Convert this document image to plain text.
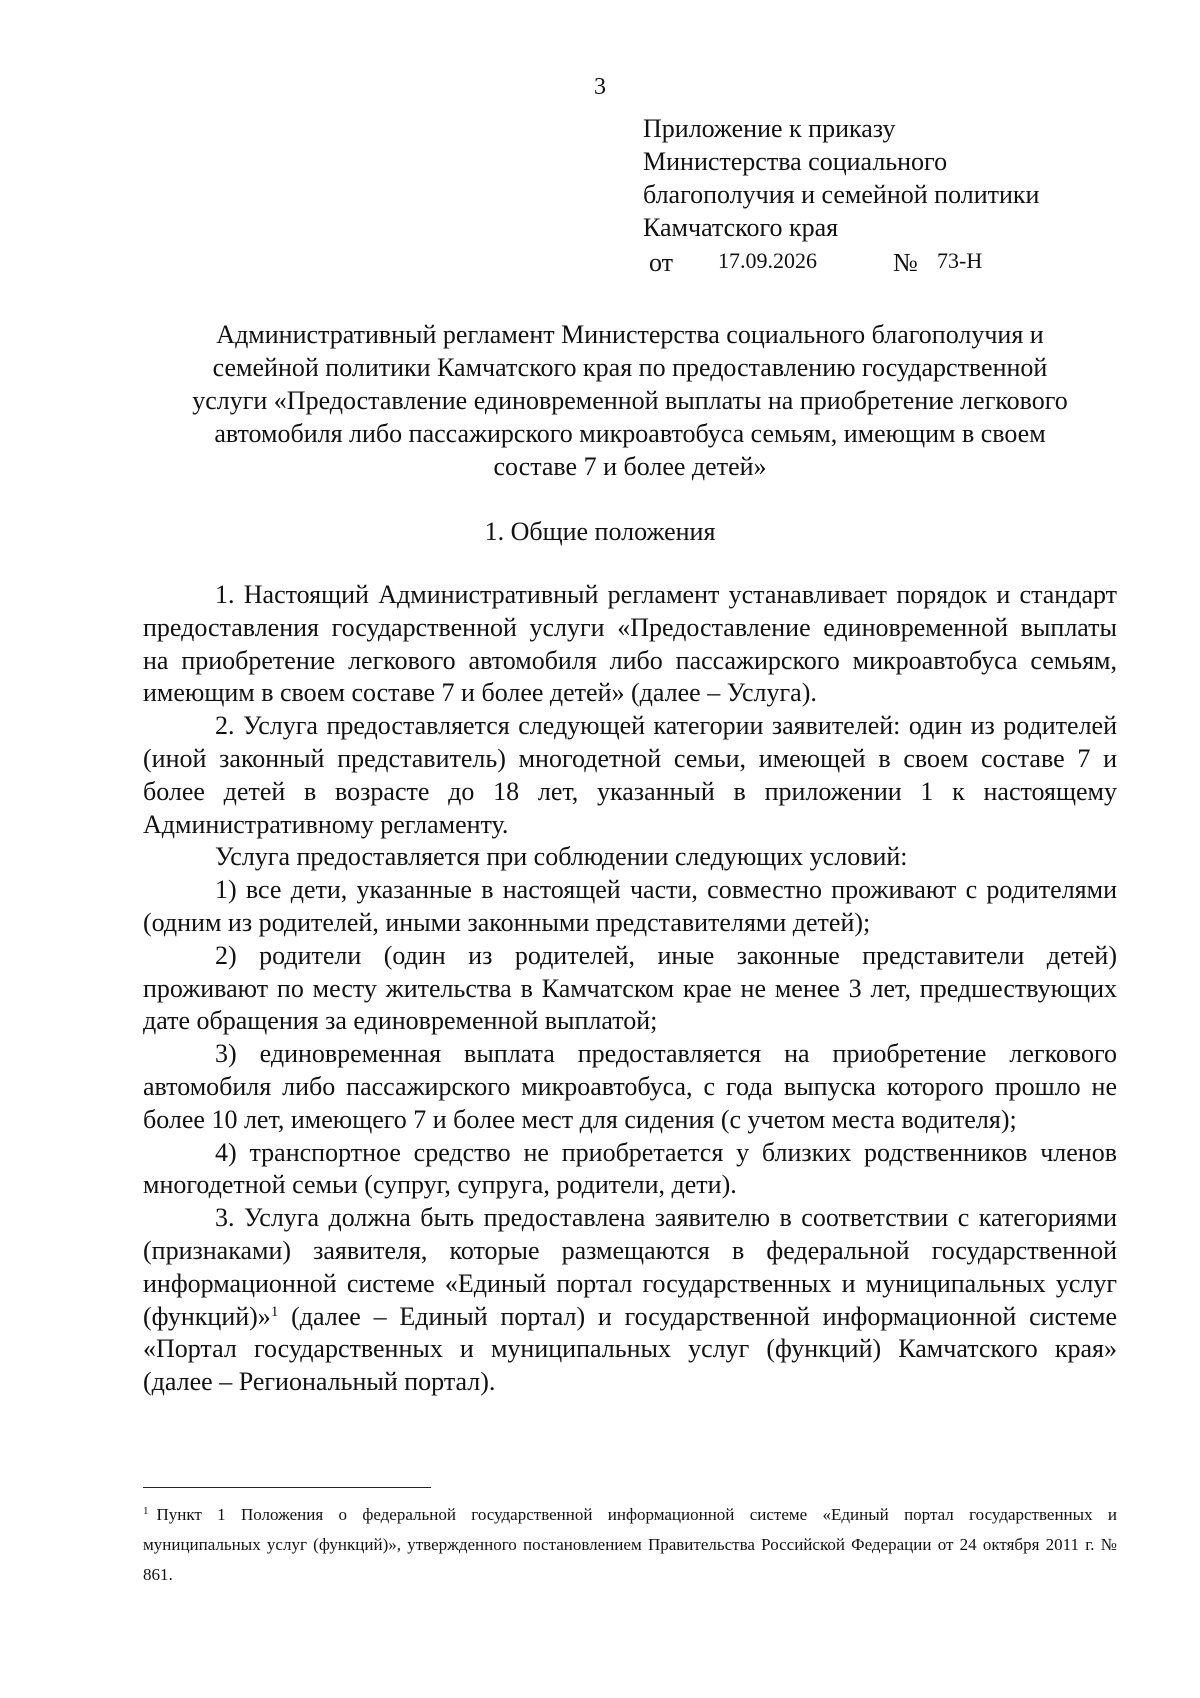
3
Приложение к приказу
Министерства социального
благополучия и семейной политики
Камчатского края
от 17.09.2026	№ 73-Н
Административный регламент Министерства социального благополучия и
семейной политики Камчатского края по предоставлению государственной
услуги «Предоставление единовременной выплаты на приобретение легкового
автомобиля либо пассажирского микроавтобуса семьям, имеющим в своем
составе 7 и более детей»
1. Общие положения

1. Настоящий Административный регламент устанавливает порядок и стандарт предоставления государственной услуги «Предоставление единовременной выплаты на приобретение легкового автомобиля либо пассажирского микроавтобуса семьям, имеющим в своем составе 7 и более детей» (далее – Услуга).

2. Услуга предоставляется следующей категории заявителей: один из родителей (иной законный представитель) многодетной семьи, имеющей в своем составе 7 и более детей в возрасте до 18 лет, указанный в приложении 1 к настоящему Административному регламенту.

Услуга предоставляется при соблюдении следующих условий:

1) все дети, указанные в настоящей части, совместно проживают с родителями (одним из родителей, иными законными представителями детей);

2) родители (один из родителей, иные законные представители детей) проживают по месту жительства в Камчатском крае не менее 3 лет, предшествующих дате обращения за единовременной выплатой;

3) единовременная выплата предоставляется на приобретение легкового автомобиля либо пассажирского микроавтобуса, с года выпуска которого прошло не более 10 лет, имеющего 7 и более мест для сидения (с учетом места водителя);

4) транспортное средство не приобретается у близких родственников членов многодетной семьи (супруг, супруга, родители, дети).

3. Услуга должна быть предоставлена заявителю в соответствии с категориями (признаками) заявителя, которые размещаются в федеральной государственной информационной системе «Единый портал государственных и муниципальных услуг (функций)»$^1$ (далее – Единый портал) и государственной информационной системе «Портал государственных и муниципальных услуг (функций) Камчатского края» (далее – Региональный портал).

$^1$ Пункт 1 Положения о федеральной государственной информационной системе «Единый портал государственных и муниципальных услуг (функций)», утвержденного постановлением Правительства Российской Федерации от 24 октября 2011 г. № 861.
